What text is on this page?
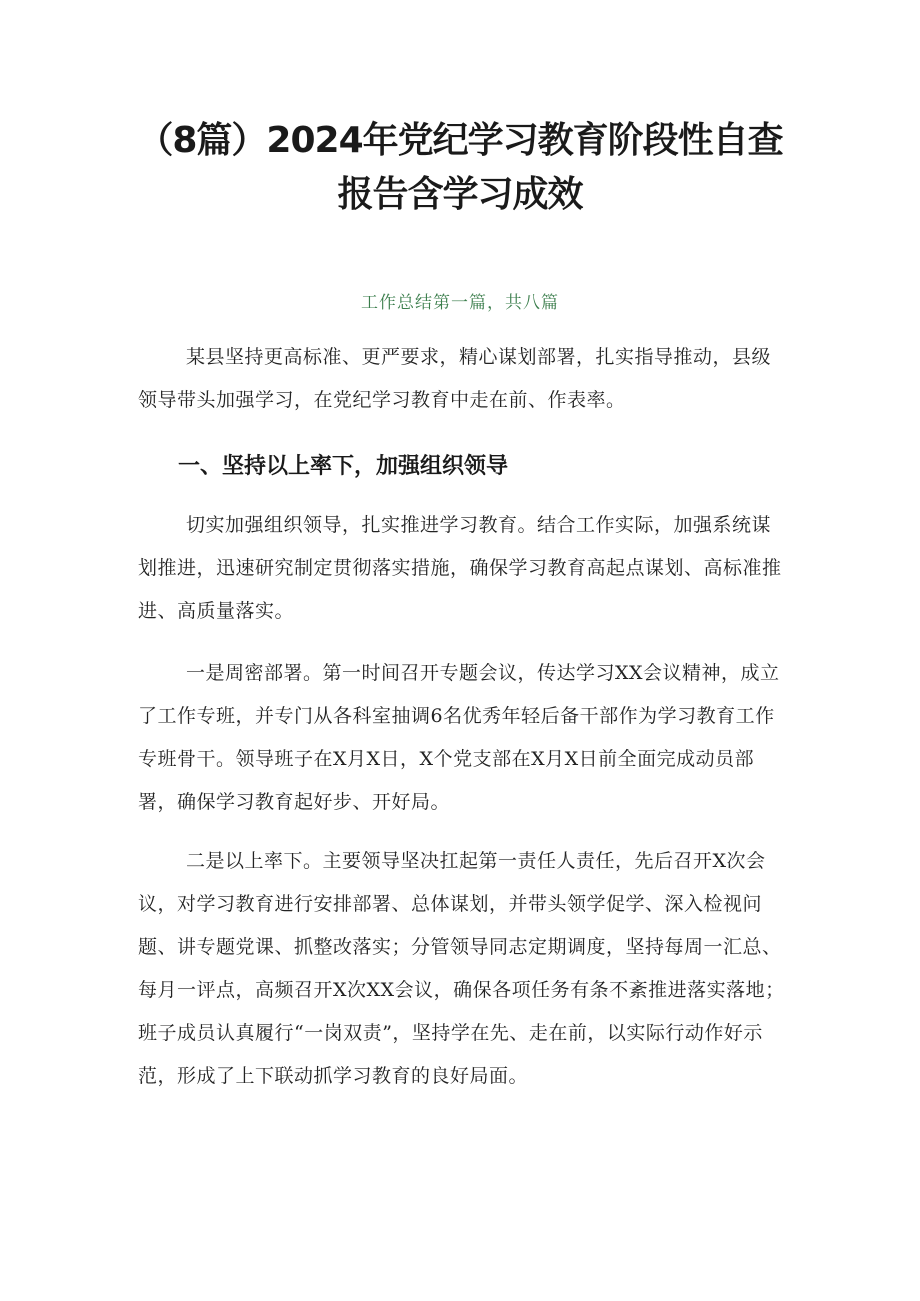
（8篇）2024年党纪学习教育阶段性自查
报告含学习成效
工作总结第一篇，共八篇

某县坚持更高标准、更严要求，精心谋划部署，扎实指导推动，县级领导带头加强学习，在党纪学习教育中走在前、作表率。

一、坚持以上率下，加强组织领导

切实加强组织领导，扎实推进学习教育。结合工作实际，加强系统谋划推进，迅速研究制定贯彻落实措施，确保学习教育高起点谋划、高标准推进、高质量落实。

一是周密部署。第一时间召开专题会议，传达学习XX会议精神，成立了工作专班，并专门从各科室抽调6名优秀年轻后备干部作为学习教育工作专班骨干。领导班子在X月X日，X个党支部在X月X日前全面完成动员部署，确保学习教育起好步、开好局。

二是以上率下。主要领导坚决扛起第一责任人责任，先后召开X次会议，对学习教育进行安排部署、总体谋划，并带头领学促学、深入检视问题、讲专题党课、抓整改落实；分管领导同志定期调度，坚持每周一汇总、每月一评点，高频召开X次XX会议，确保各项任务有条不紊推进落实落地；班子成员认真履行“一岗双责”，坚持学在先、走在前，以实际行动作好示范，形成了上下联动抓学习教育的良好局面。
